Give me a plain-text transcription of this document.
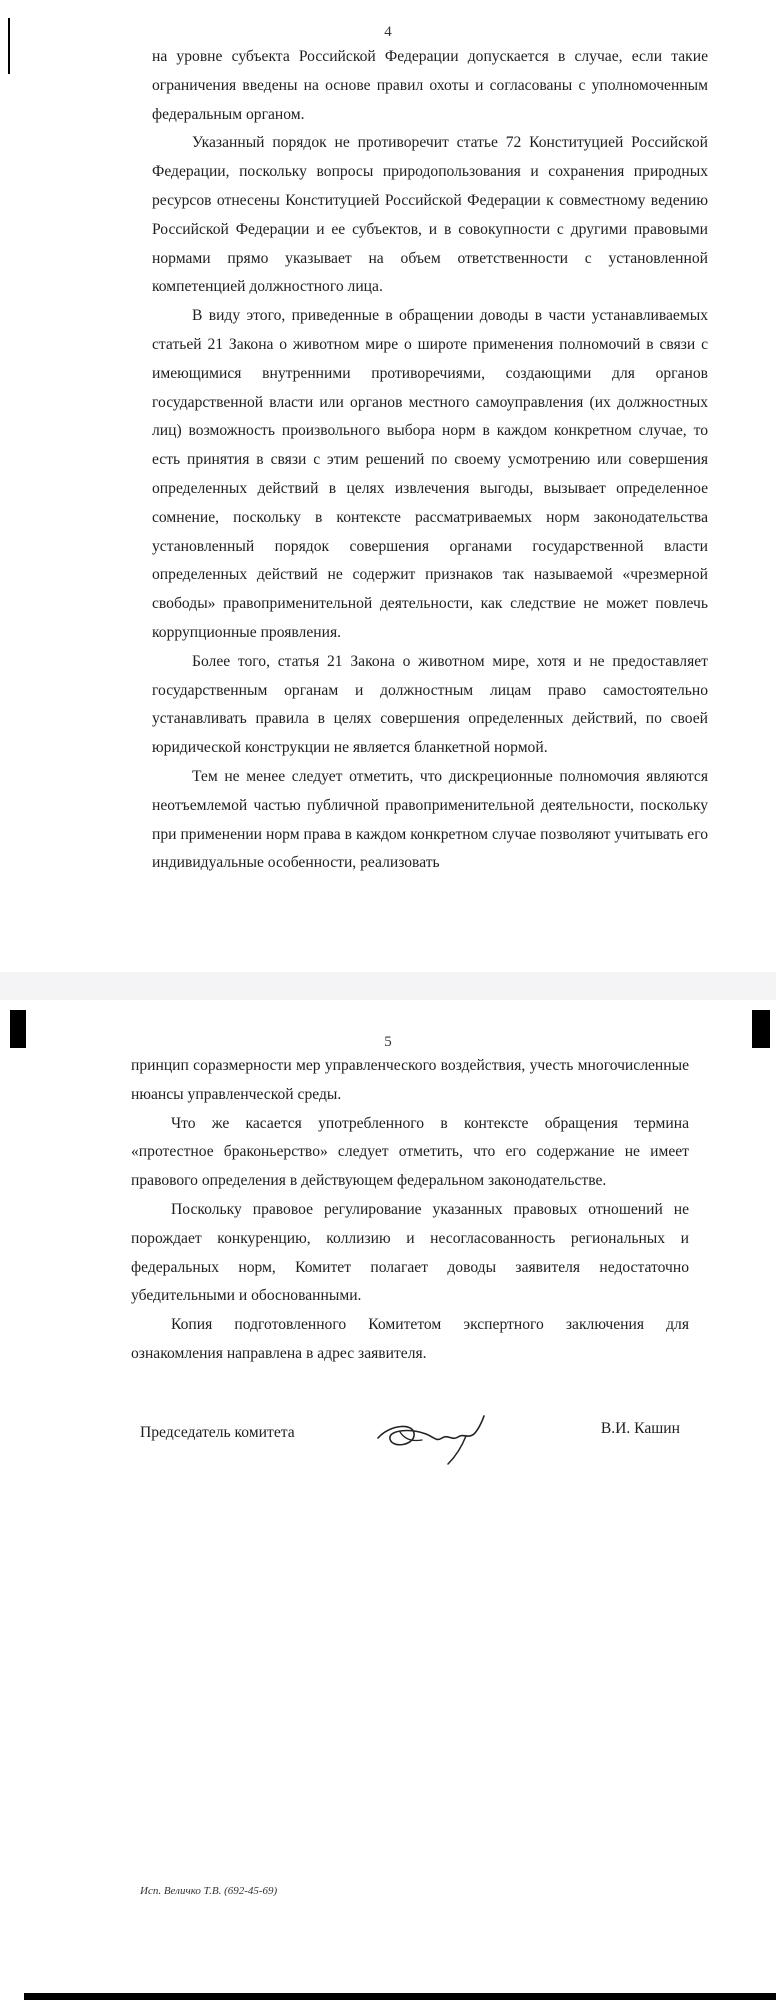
4

на уровне субъекта Российской Федерации допускается в случае, если такие ограничения введены на основе правил охоты и согласованы с уполномоченным федеральным органом.

Указанный порядок не противоречит статье 72 Конституцией Российской Федерации, поскольку вопросы природопользования и сохранения природных ресурсов отнесены Конституцией Российской Федерации к совместному ведению Российской Федерации и ее субъектов, и в совокупности с другими правовыми нормами прямо указывает на объем ответственности с установленной компетенцией должностного лица.

В виду этого, приведенные в обращении доводы в части устанавливаемых статьей 21 Закона о животном мире о широте применения полномочий в связи с имеющимися внутренними противоречиями, создающими для органов государственной власти или органов местного самоуправления (их должностных лиц) возможность произвольного выбора норм в каждом конкретном случае, то есть принятия в связи с этим решений по своему усмотрению или совершения определенных действий в целях извлечения выгоды, вызывает определенное сомнение, поскольку в контексте рассматриваемых норм законодательства установленный порядок совершения органами государственной власти определенных действий не содержит признаков так называемой «чрезмерной свободы» правоприменительной деятельности, как следствие не может повлечь коррупционные проявления.

Более того, статья 21 Закона о животном мире, хотя и не предоставляет государственным органам и должностным лицам право самостоятельно устанавливать правила в целях совершения определенных действий, по своей юридической конструкции не является бланкетной нормой.

Тем не менее следует отметить, что дискреционные полномочия являются неотъемлемой частью публичной правоприменительной деятельности, поскольку при применении норм права в каждом конкретном случае позволяют учитывать его индивидуальные особенности, реализовать

5

принцип соразмерности мер управленческого воздействия, учесть многочисленные нюансы управленческой среды.

Что же касается употребленного в контексте обращения термина «протестное браконьерство» следует отметить, что его содержание не имеет правового определения в действующем федеральном законодательстве.

Поскольку правовое регулирование указанных правовых отношений не порождает конкуренцию, коллизию и несогласованность региональных и федеральных норм, Комитет полагает доводы заявителя недостаточно убедительными и обоснованными.

Копия подготовленного Комитетом экспертного заключения для ознакомления направлена в адрес заявителя.

Председатель комитета	В.И. Кашин
Исп. Величко Т.В. (692-45-69)
